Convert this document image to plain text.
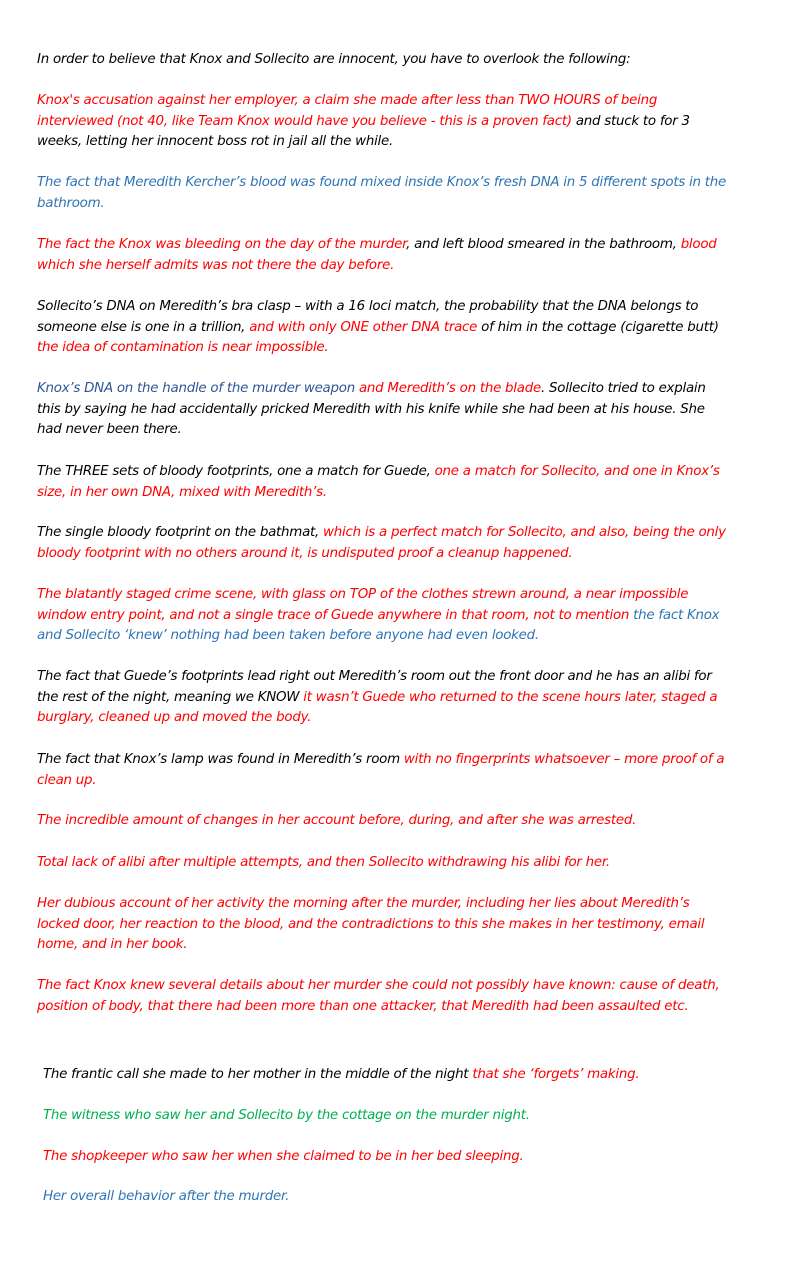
In order to believe that Knox and Sollecito are innocent, you have to overlook the following:

Knox's accusation against her employer, a claim she made after less than TWO HOURS of being interviewed (not 40, like Team Knox would have you believe - this is a proven fact) and stuck to for 3 weeks, letting her innocent boss rot in jail all the while.

The fact that Meredith Kercher’s blood was found mixed inside Knox’s fresh DNA in 5 different spots in the bathroom.

The fact the Knox was bleeding on the day of the murder, and left blood smeared in the bathroom, blood which she herself admits was not there the day before.

Sollecito’s DNA on Meredith’s bra clasp – with a 16 loci match, the probability that the DNA belongs to someone else is one in a trillion, and with only ONE other DNA trace of him in the cottage (cigarette butt) the idea of contamination is near impossible.

Knox’s DNA on the handle of the murder weapon and Meredith’s on the blade. Sollecito tried to explain this by saying he had accidentally pricked Meredith with his knife while she had been at his house. She had never been there.

The THREE sets of bloody footprints, one a match for Guede, one a match for Sollecito, and one in Knox’s size, in her own DNA, mixed with Meredith’s.

The single bloody footprint on the bathmat, which is a perfect match for Sollecito, and also, being the only bloody footprint with no others around it, is undisputed proof a cleanup happened.

The blatantly staged crime scene, with glass on TOP of the clothes strewn around, a near impossible window entry point, and not a single trace of Guede anywhere in that room, not to mention the fact Knox and Sollecito ‘knew’ nothing had been taken before anyone had even looked.

The fact that Guede’s footprints lead right out Meredith’s room out the front door and he has an alibi for the rest of the night, meaning we KNOW it wasn’t Guede who returned to the scene hours later, staged a burglary, cleaned up and moved the body.

The fact that Knox’s lamp was found in Meredith’s room with no fingerprints whatsoever – more proof of a clean up.

The incredible amount of changes in her account before, during, and after she was arrested.

Total lack of alibi after multiple attempts, and then Sollecito withdrawing his alibi for her.

Her dubious account of her activity the morning after the murder, including her lies about Meredith’s locked door, her reaction to the blood, and the contradictions to this she makes in her testimony, email home, and in her book.

The fact Knox knew several details about her murder she could not possibly have known: cause of death, position of body, that there had been more than one attacker, that Meredith had been assaulted etc.

The frantic call she made to her mother in the middle of the night that she ‘forgets’ making.

The witness who saw her and Sollecito by the cottage on the murder night.

The shopkeeper who saw her when she claimed to be in her bed sleeping.

Her overall behavior after the murder.
